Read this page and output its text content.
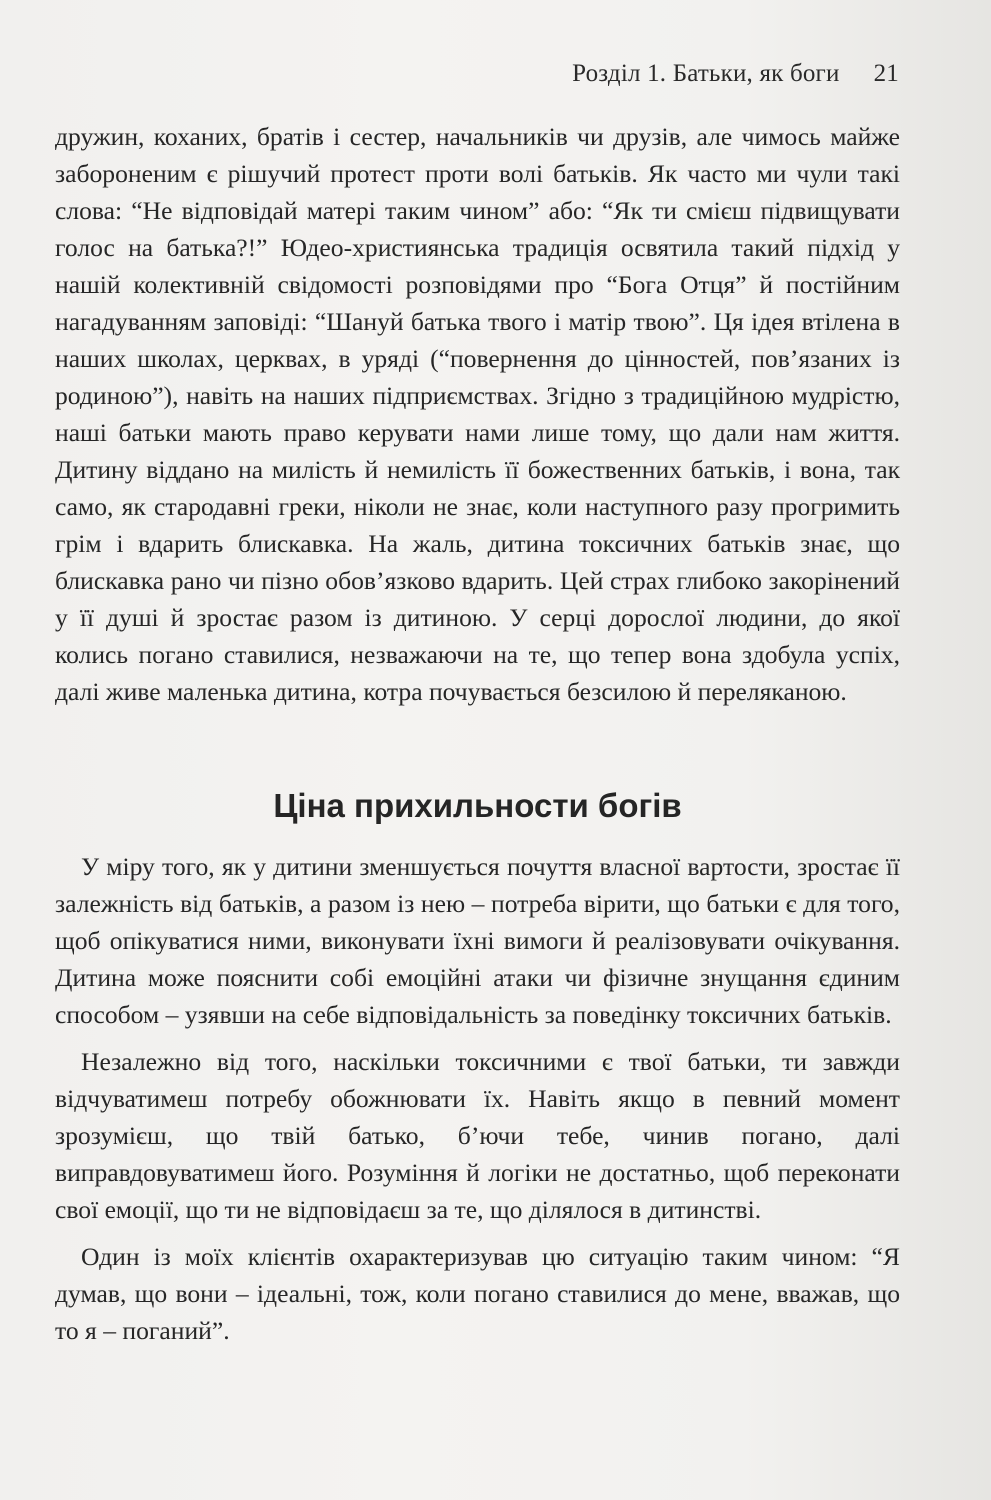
Розділ 1. Батьки, як боги 21

дружин, коханих, братів і сестер, начальників чи друзів, але чимось майже забороненим є рішучий протест проти волі батьків. Як часто ми чули такі слова: “Не відповідай матері таким чином” або: “Як ти смієш підвищувати голос на батька?!” Юдео-християнська традиція освятила такий підхід у нашій колективній свідомості розповідями про “Бога Отця” й постійним нагадуванням заповіді: “Шануй батька твого і матір твою”. Ця ідея втілена в наших школах, церквах, в уряді (“повернення до цінностей, пов’язаних із родиною”), навіть на наших підприємствах. Згідно з традиційною мудрістю, наші батьки мають право керувати нами лише тому, що дали нам життя. Дитину віддано на милість й немилість її божественних батьків, і вона, так само, як стародавні греки, ніколи не знає, коли наступного разу прогримить грім і вдарить блискавка. На жаль, дитина токсичних батьків знає, що блискавка рано чи пізно обов’язково вдарить. Цей страх глибоко закорінений у її душі й зростає разом із дитиною. У серці дорослої людини, до якої колись погано ставилися, незважаючи на те, що тепер вона здобула успіх, далі живе маленька дитина, котра почувається безсилою й переляканою.

Ціна прихильности богів

У міру того, як у дитини зменшується почуття власної вартости, зростає її залежність від батьків, а разом із нею – потреба вірити, що батьки є для того, щоб опікуватися ними, виконувати їхні вимоги й реалізовувати очікування. Дитина може пояснити собі емоційні атаки чи фізичне знущання єдиним способом – узявши на себе відповідальність за поведінку токсичних батьків.

Незалежно від того, наскільки токсичними є твої батьки, ти завжди відчуватимеш потребу обожнювати їх. Навіть якщо в певний момент зрозумієш, що твій батько, б’ючи тебе, чинив погано, далі виправдовуватимеш його. Розуміння й логіки не достатньо, щоб переконати свої емоції, що ти не відповідаєш за те, що ділялося в дитинстві.

Один із моїх клієнтів охарактеризував цю ситуацію таким чином: “Я думав, що вони – ідеальні, тож, коли погано ставилися до мене, вважав, що то я – поганий”.
